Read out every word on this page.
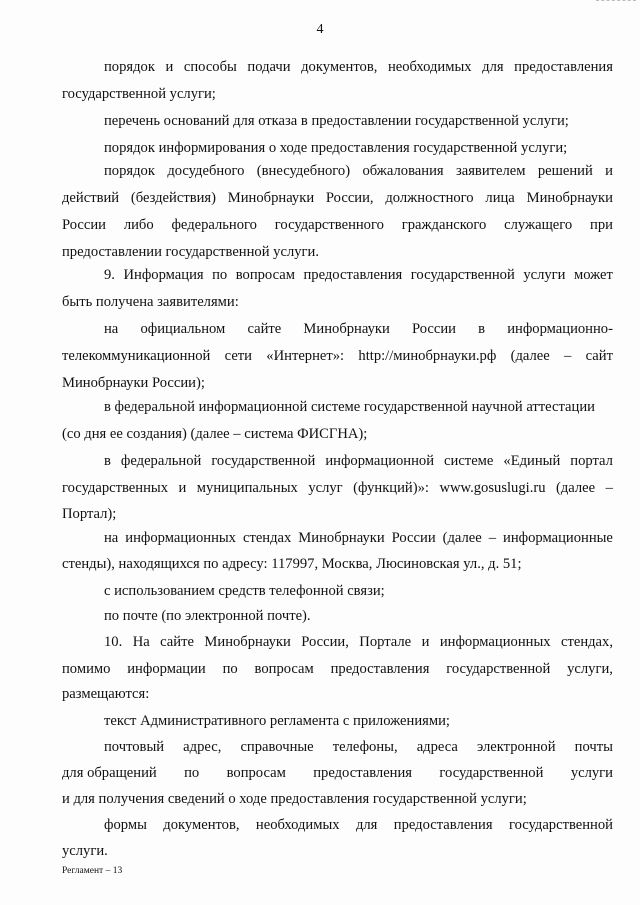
4
порядок и способы подачи документов, необходимых для предоставления
государственной услуги;
перечень оснований для отказа в предоставлении государственной услуги;
порядок информирования о ходе предоставления государственной услуги;
порядок досудебного (внесудебного) обжалования заявителем решений и
действий (бездействия) Минобрнауки России, должностного лица Минобрнауки
России либо федерального государственного гражданского служащего при
предоставлении государственной услуги.
9. Информация по вопросам предоставления государственной услуги может
быть получена заявителями:
на официальном сайте Минобрнауки России в информационно-
телекоммуникационной сети «Интернет»: http://минобрнауки.рф (далее – сайт
Минобрнауки России);
в федеральной информационной системе государственной научной аттестации
(со дня ее создания) (далее – система ФИСГНА);
в федеральной государственной информационной системе «Единый портал
государственных и муниципальных услуг (функций)»: www.gosuslugi.ru (далее –
Портал);
на информационных стендах Минобрнауки России (далее – информационные
стенды), находящихся по адресу: 117997, Москва, Люсиновская ул., д. 51;
с использованием средств телефонной связи;
по почте (по электронной почте).
10. На сайте Минобрнауки России, Портале и информационных стендах,
помимо информации по вопросам предоставления государственной услуги,
размещаются:
текст Административного регламента с приложениями;
почтовый адрес, справочные телефоны, адреса электронной почты
для обращений по вопросам предоставления государственной услуги
и для получения сведений о ходе предоставления государственной услуги;
формы документов, необходимых для предоставления государственной
услуги.
Регламент – 13
